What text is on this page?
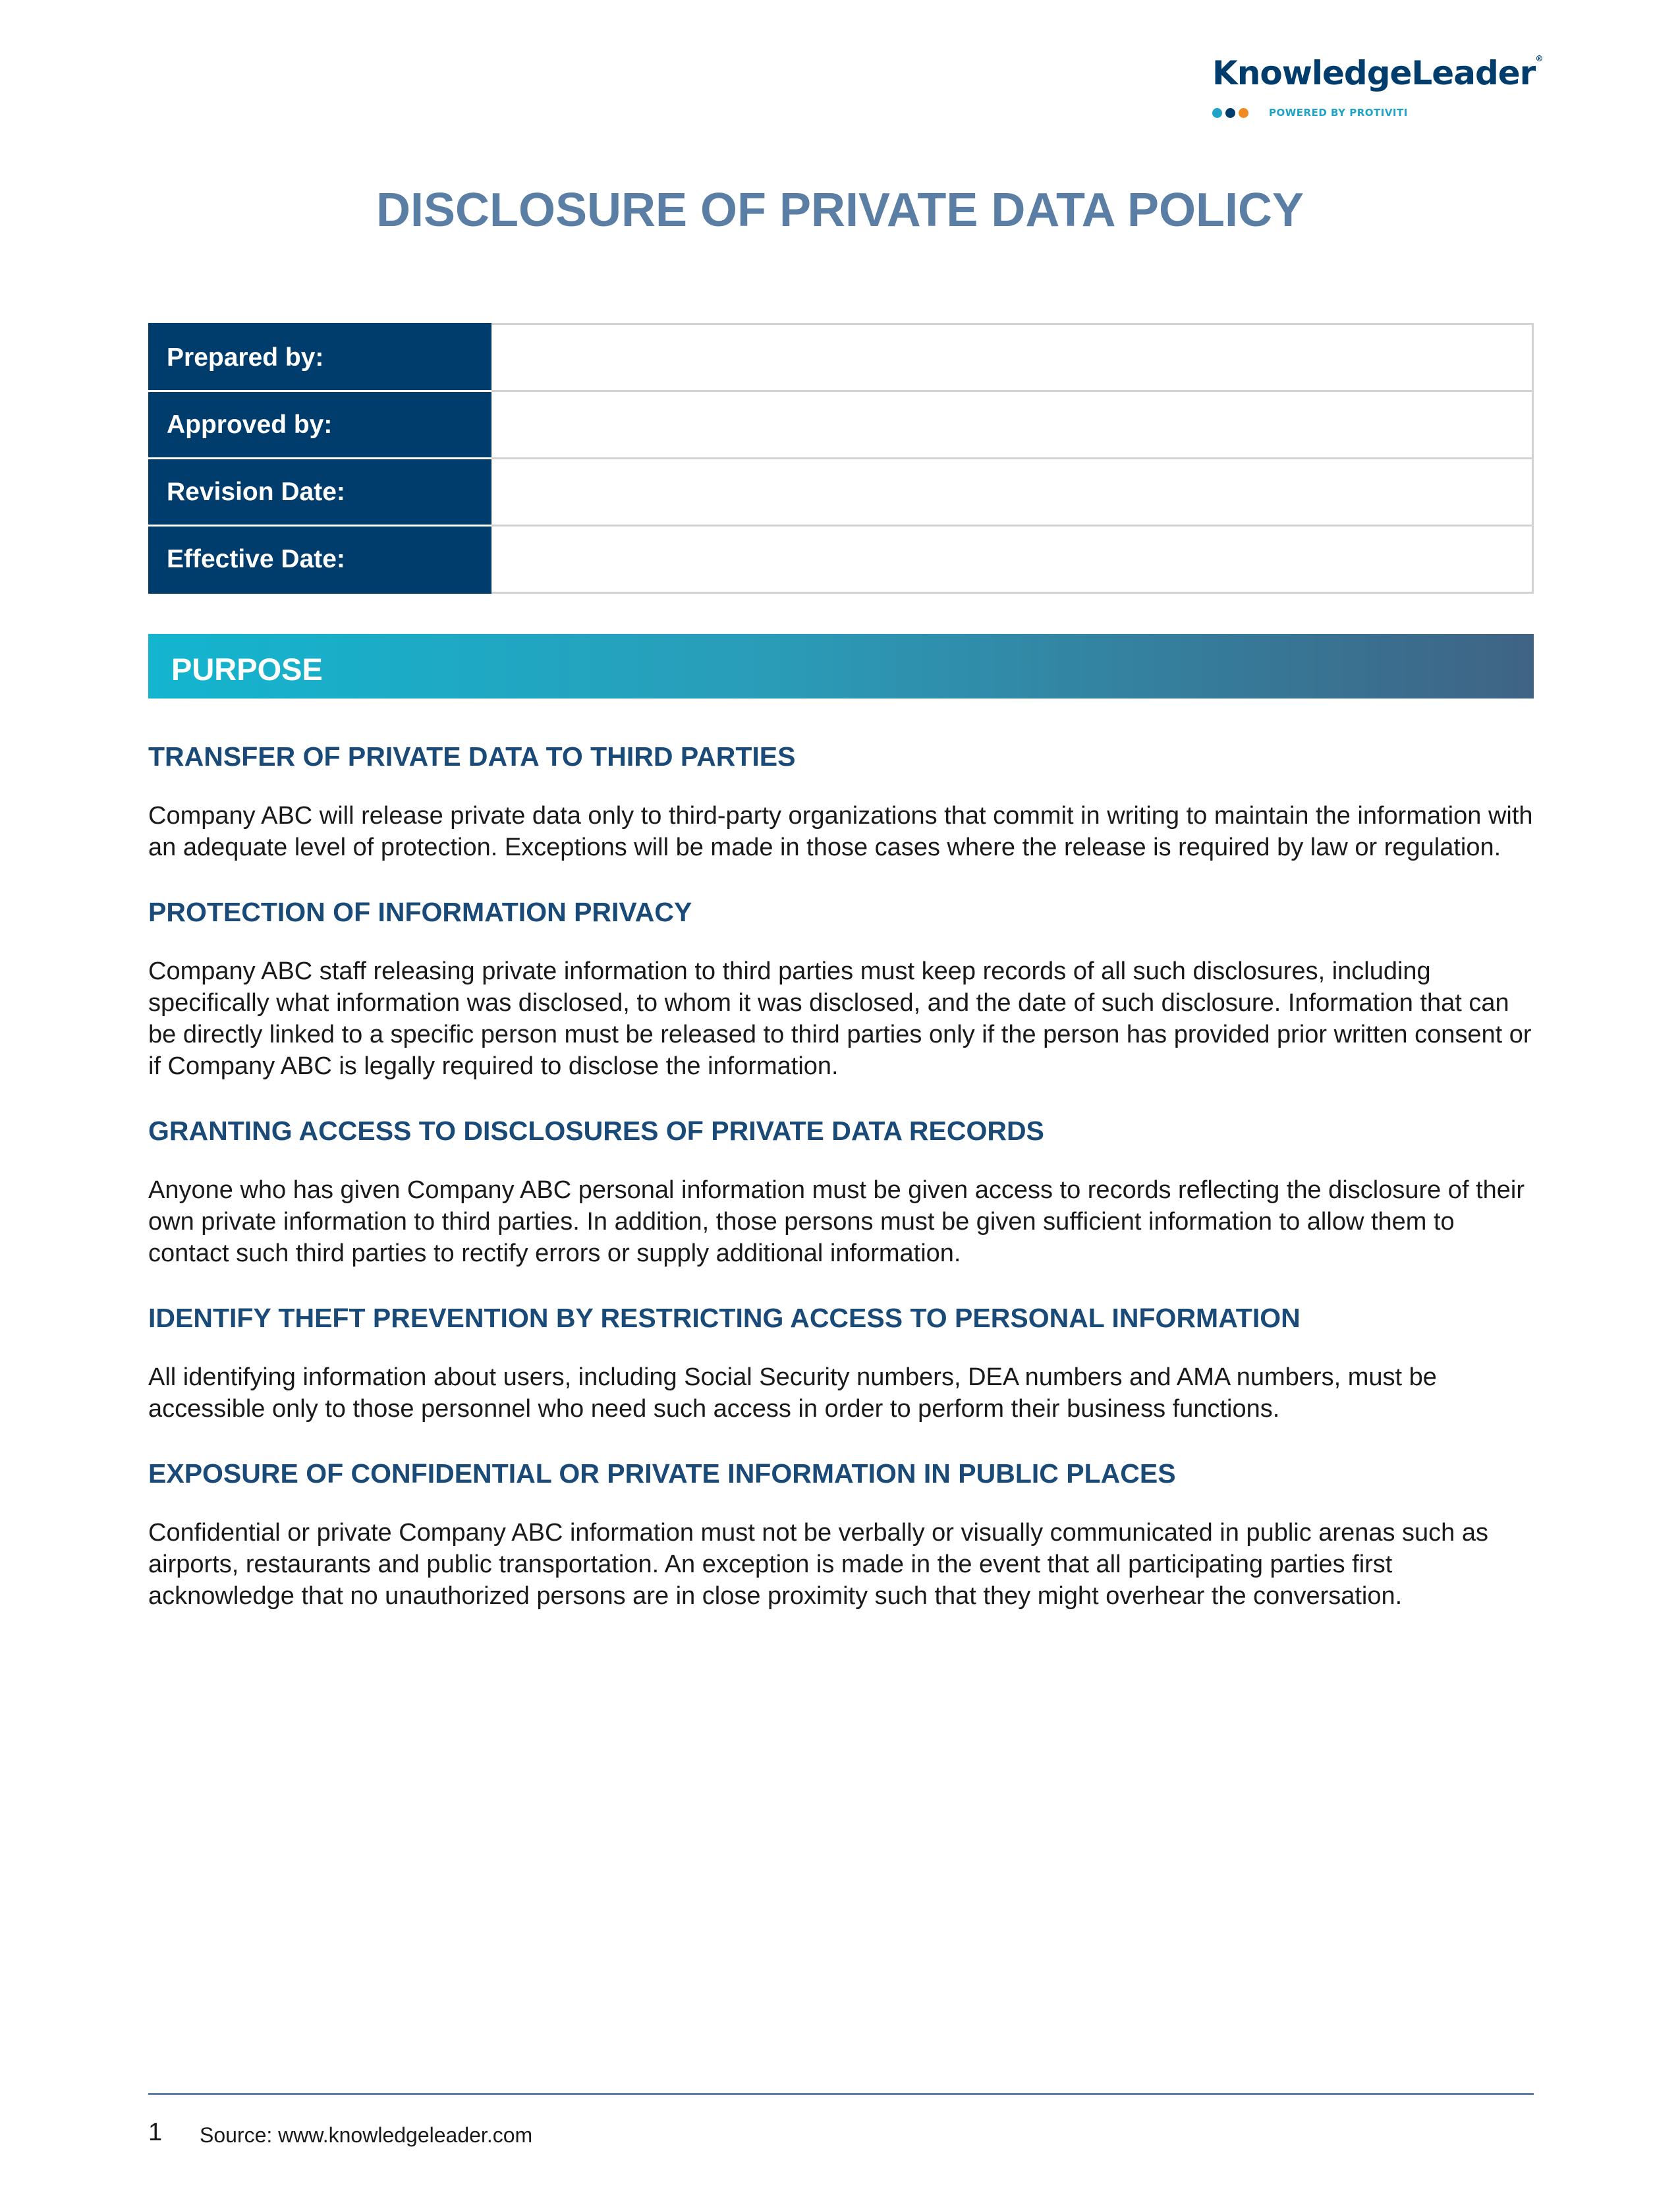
KnowledgeLeader®
POWERED BY PROTIVITI
DISCLOSURE OF PRIVATE DATA POLICY
Prepared by:	
Approved by:	
Revision Date:	
Effective Date:	
PURPOSE
TRANSFER OF PRIVATE DATA TO THIRD PARTIES

Company ABC will release private data only to third-party organizations that commit in writing to maintain the information with an adequate level of protection. Exceptions will be made in those cases where the release is required by law or regulation.

PROTECTION OF INFORMATION PRIVACY

Company ABC staff releasing private information to third parties must keep records of all such disclosures, including specifically what information was disclosed, to whom it was disclosed, and the date of such disclosure. Information that can be directly linked to a specific person must be released to third parties only if the person has provided prior written consent or if Company ABC is legally required to disclose the information.

GRANTING ACCESS TO DISCLOSURES OF PRIVATE DATA RECORDS

Anyone who has given Company ABC personal information must be given access to records reflecting the disclosure of their own private information to third parties. In addition, those persons must be given sufficient information to allow them to contact such third parties to rectify errors or supply additional information.

IDENTIFY THEFT PREVENTION BY RESTRICTING ACCESS TO PERSONAL INFORMATION

All identifying information about users, including Social Security numbers, DEA numbers and AMA numbers, must be accessible only to those personnel who need such access in order to perform their business functions.

EXPOSURE OF CONFIDENTIAL OR PRIVATE INFORMATION IN PUBLIC PLACES

Confidential or private Company ABC information must not be verbally or visually communicated in public arenas such as airports, restaurants and public transportation. An exception is made in the event that all participating parties first acknowledge that no unauthorized persons are in close proximity such that they might overhear the conversation.

1 Source: www.knowledgeleader.com
